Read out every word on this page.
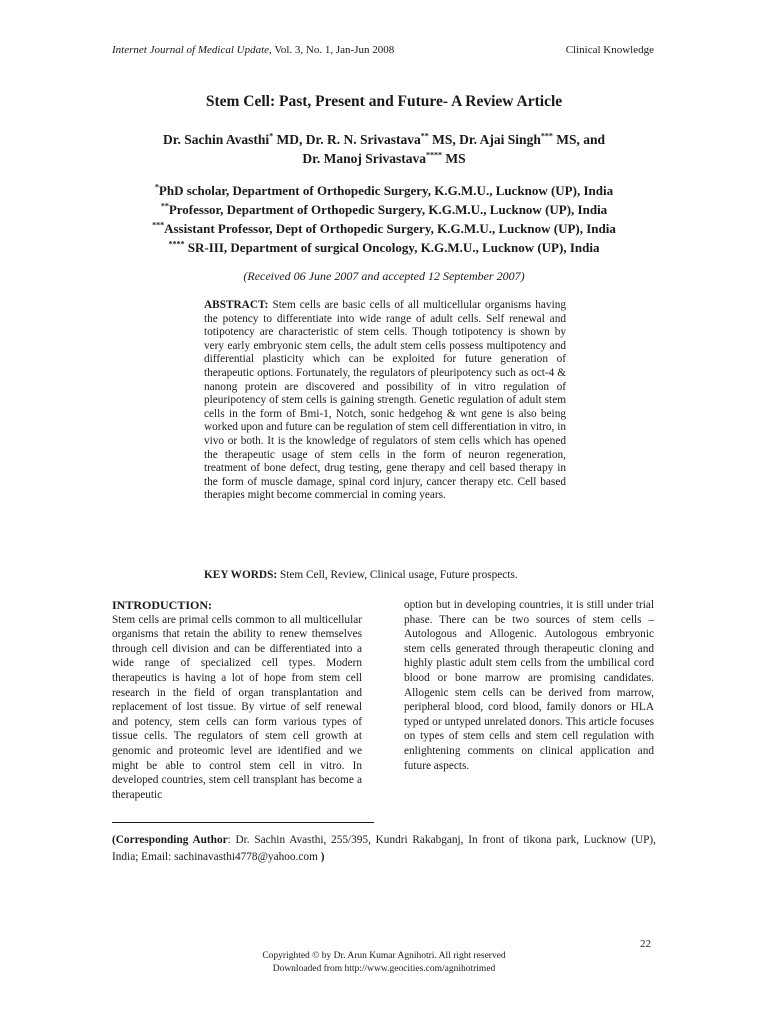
Internet Journal of Medical Update, Vol. 3, No. 1, Jan-Jun 2008	Clinical Knowledge
Stem Cell: Past, Present and Future- A Review Article
Dr. Sachin Avasthi* MD, Dr. R. N. Srivastava** MS, Dr. Ajai Singh*** MS, and
Dr. Manoj Srivastava**** MS
*PhD scholar, Department of Orthopedic Surgery, K.G.M.U., Lucknow (UP), India
**Professor, Department of Orthopedic Surgery, K.G.M.U., Lucknow (UP), India
***Assistant Professor, Dept of Orthopedic Surgery, K.G.M.U., Lucknow (UP), India
**** SR-III, Department of surgical Oncology, K.G.M.U., Lucknow (UP), India
(Received 06 June 2007 and accepted 12 September 2007)
ABSTRACT: Stem cells are basic cells of all multicellular organisms having the potency to differentiate into wide range of adult cells. Self renewal and totipotency are characteristic of stem cells. Though totipotency is shown by very early embryonic stem cells, the adult stem cells possess multipotency and differential plasticity which can be exploited for future generation of therapeutic options. Fortunately, the regulators of pleuripotency such as oct-4 & nanong protein are discovered and possibility of in vitro regulation of pleuripotency of stem cells is gaining strength. Genetic regulation of adult stem cells in the form of Bmi-1, Notch, sonic hedgehog & wnt gene is also being worked upon and future can be regulation of stem cell differentiation in vitro, in vivo or both. It is the knowledge of regulators of stem cells which has opened the therapeutic usage of stem cells in the form of neuron regeneration, treatment of bone defect, drug testing, gene therapy and cell based therapy in the form of muscle damage, spinal cord injury, cancer therapy etc. Cell based therapies might become commercial in coming years.
KEY WORDS: Stem Cell, Review, Clinical usage, Future prospects.
INTRODUCTION:

Stem cells are primal cells common to all multicellular organisms that retain the ability to renew themselves through cell division and can be differentiated into a wide range of specialized cell types. Modern therapeutics is having a lot of hope from stem cell research in the field of organ transplantation and replacement of lost tissue. By virtue of self renewal and potency, stem cells can form various types of tissue cells. The regulators of stem cell growth at genomic and proteomic level are identified and we might be able to control stem cell in vitro. In developed countries, stem cell transplant has become a therapeutic

option but in developing countries, it is still under trial phase. There can be two sources of stem cells – Autologous and Allogenic. Autologous embryonic stem cells generated through therapeutic cloning and highly plastic adult stem cells from the umbilical cord blood or bone marrow are promising candidates. Allogenic stem cells can be derived from marrow, peripheral blood, cord blood, family donors or HLA typed or untyped unrelated donors. This article focuses on types of stem cells and stem cell regulation with enlightening comments on clinical application and future aspects.

(Corresponding Author: Dr. Sachin Avasthi, 255/395, Kundri Rakabganj, In front of tikona park, Lucknow (UP), India; Email: sachinavasthi4778@yahoo.com )
22
Copyrighted © by Dr. Arun Kumar Agnihotri. All right reserved
Downloaded from http://www.geocities.com/agnihotrimed
